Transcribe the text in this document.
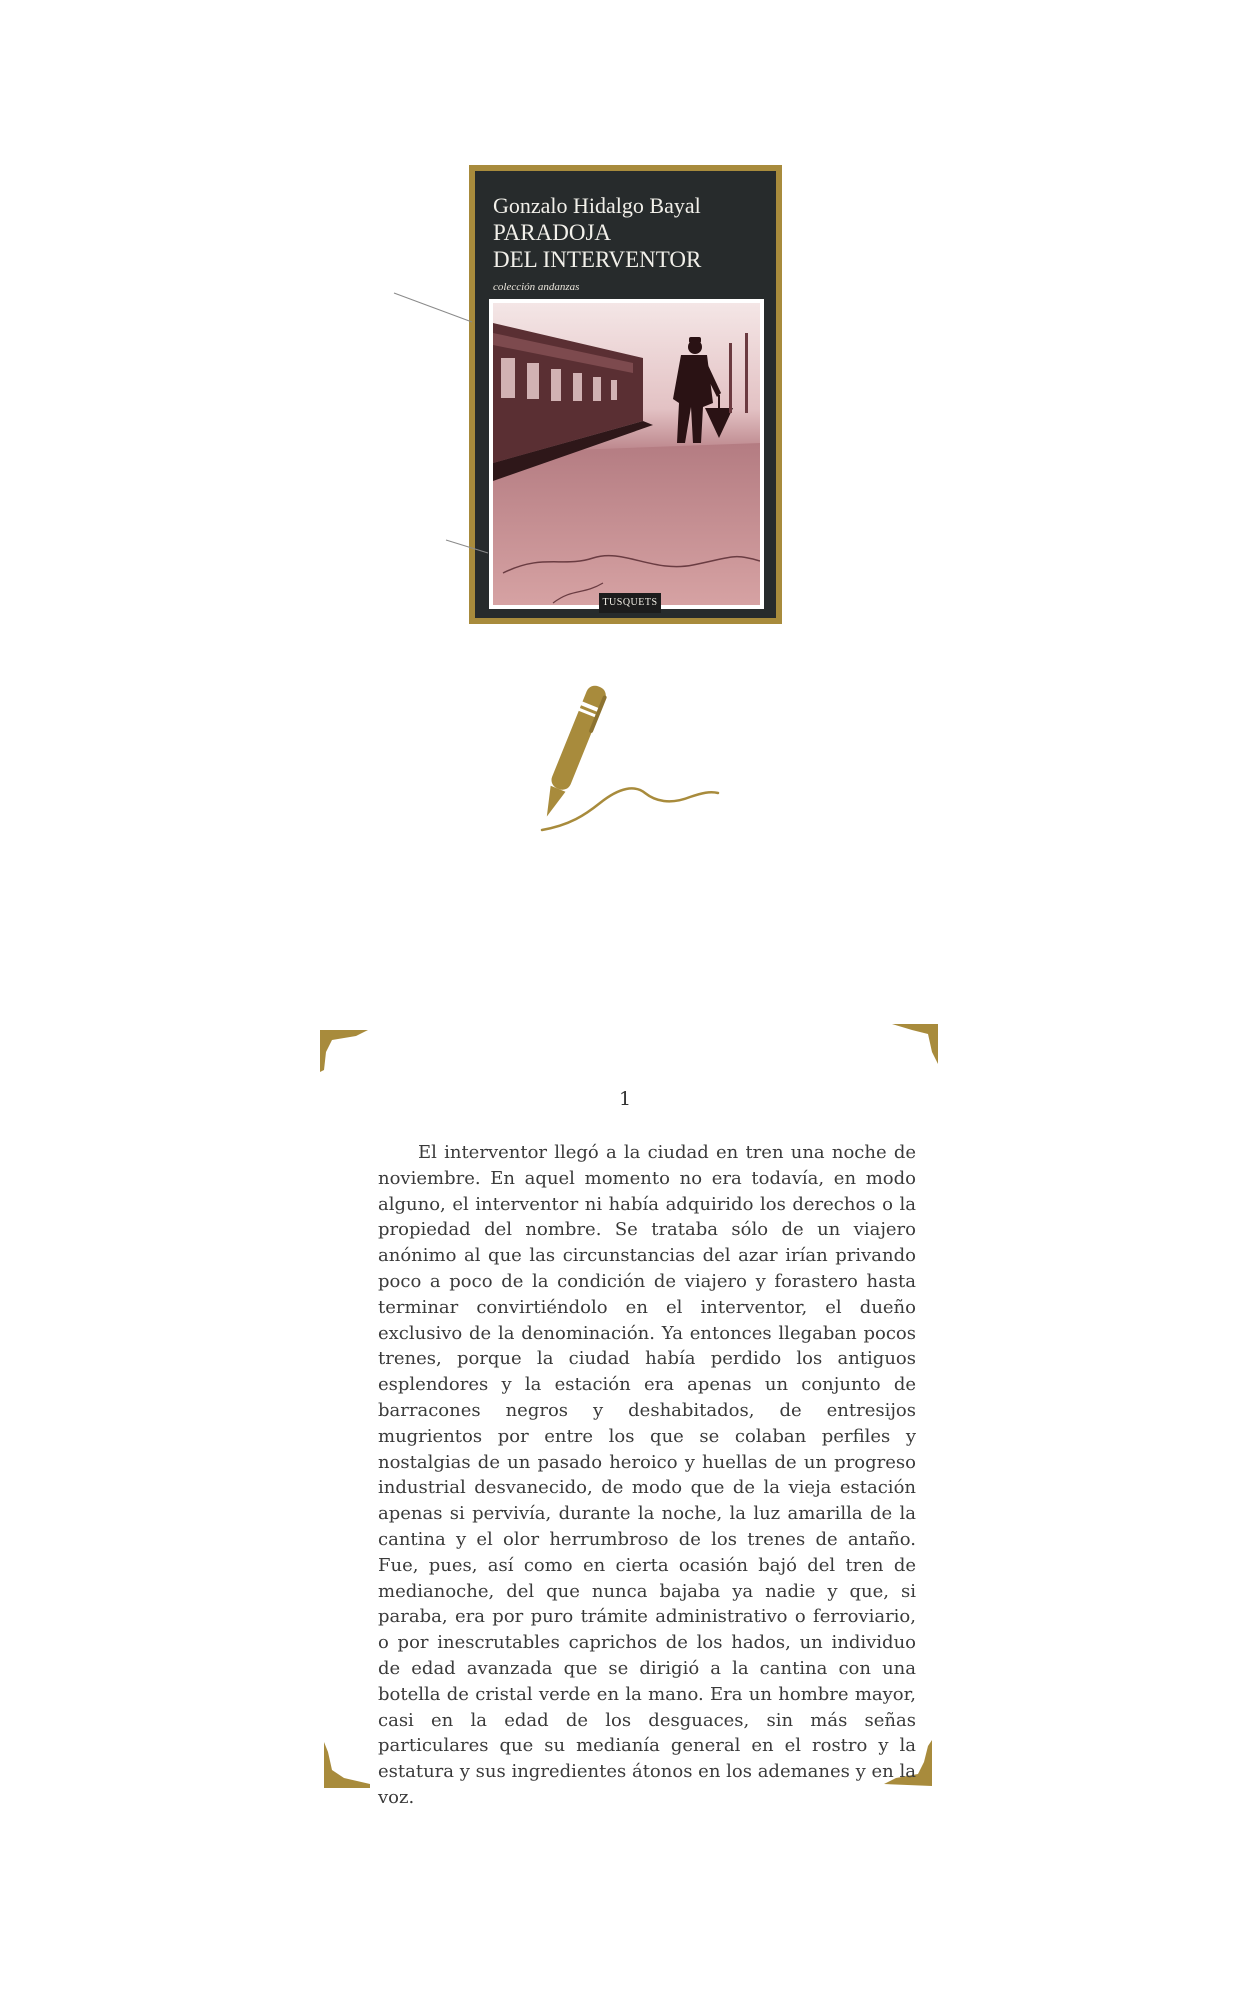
Gonzalo Hidalgo Bayal
PARADOJA
DEL INTERVENTOR
colección andanzas
TUSQUETS
1

El interventor llegó a la ciudad en tren una noche de noviembre. En aquel momento no era todavía, en modo alguno, el interventor ni había adquirido los derechos o la propiedad del nombre. Se trataba sólo de un viajero anónimo al que las circunstancias del azar irían privando poco a poco de la condición de viajero y forastero hasta terminar convirtiéndolo en el interventor, el dueño exclusivo de la denominación. Ya entonces llegaban pocos trenes, porque la ciudad había perdido los antiguos esplendores y la estación era apenas un conjunto de barracones negros y deshabitados, de entresijos mugrientos por entre los que se colaban perfiles y nostalgias de un pasado heroico y huellas de un progreso industrial desvanecido, de modo que de la vieja estación apenas si pervivía, durante la noche, la luz amarilla de la cantina y el olor herrumbroso de los trenes de antaño. Fue, pues, así como en cierta ocasión bajó del tren de medianoche, del que nunca bajaba ya nadie y que, si paraba, era por puro trámite administrativo o ferroviario, o por inescrutables caprichos de los hados, un individuo de edad avanzada que se dirigió a la cantina con una botella de cristal verde en la mano. Era un hombre mayor, casi en la edad de los desguaces, sin más señas particulares que su medianía general en el rostro y la estatura y sus ingredientes átonos en los ademanes y en la voz.
